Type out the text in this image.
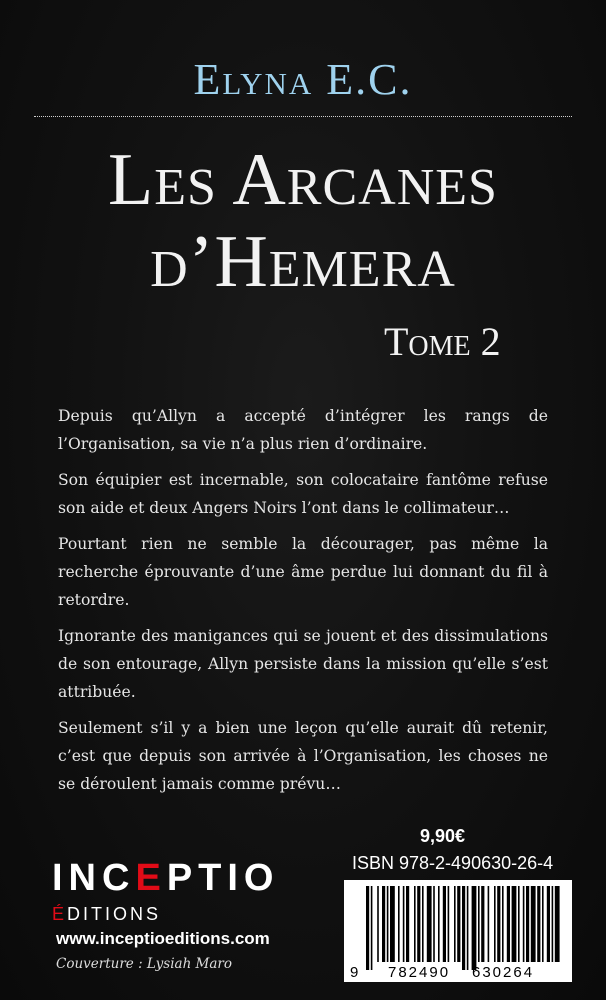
Elyna E.C.
Les Arcanes
d’Hemera
Tome 2

Depuis qu’Allyn a accepté d’intégrer les rangs de l’Organisation, sa vie n’a plus rien d’ordinaire.

Son équipier est incernable, son colocataire fantôme refuse son aide et deux Angers Noirs l’ont dans le collimateur…

Pourtant rien ne semble la décourager, pas même la recherche éprouvante d’une âme perdue lui donnant du fil à retordre.

Ignorante des manigances qui se jouent et des dissimulations de son entourage, Allyn persiste dans la mission qu’elle s’est attribuée.

Seulement s’il y a bien une leçon qu’elle aurait dû retenir, c’est que depuis son arrivée à l’Organisation, les choses ne se déroulent jamais comme prévu…

9,90€
ISBN 978-2-490630-26-4
9 782490 630264
INCEPTIO
ÉDITIONS
www.inceptioeditions.com
Couverture : Lysiah Maro
